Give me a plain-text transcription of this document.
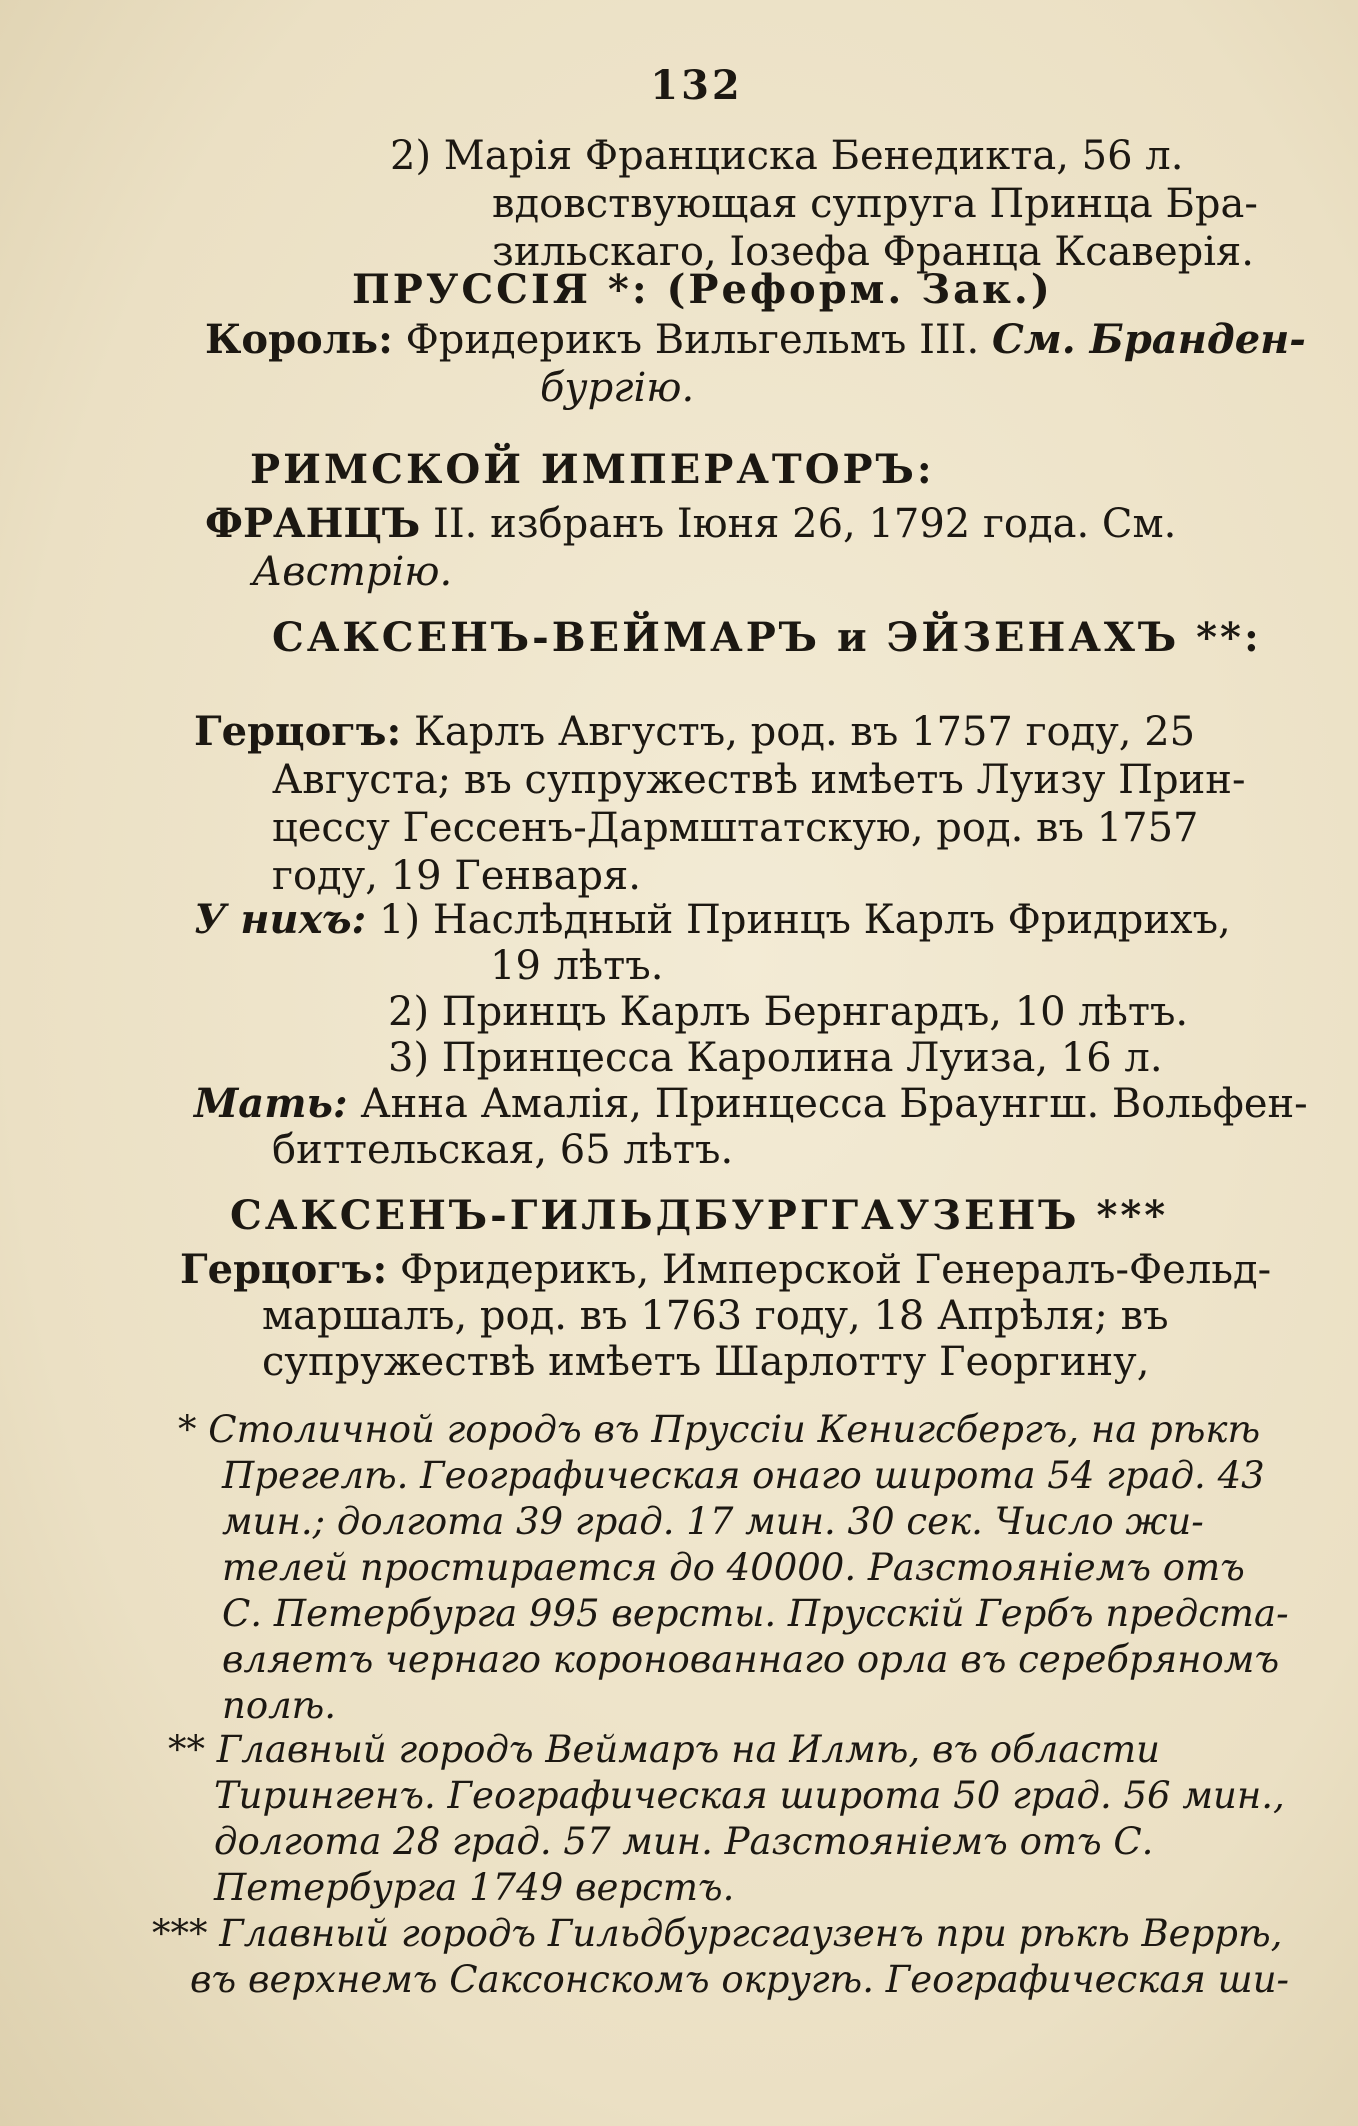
132
2) Марія Франциска Бенедикта, 56 л.
вдовствующая супруга Принца Бра-
зильскаго, Іозефа Франца Ксаверія.
ПРУССІЯ *: (Реформ. Зак.)
Король: Фридерикъ Вильгельмъ III. См. Бранден-
бургію.
РИМСКОЙ ИМПЕРАТОРЪ:
ФРАНЦЪ II. избранъ Іюня 26, 1792 года. См.
Австрію.
САКСЕНЪ-ВЕЙМАРЪ и ЭЙЗЕНАХЪ **:
Герцогъ: Карлъ Августъ, род. въ 1757 году, 25
Августа; въ супружествѣ имѣетъ Луизу Прин-
цессу Гессенъ-Дармштатскую, род. въ 1757
году, 19 Генваря.
У нихъ: 1) Наслѣдный Принцъ Карлъ Фридрихъ,
19 лѣтъ.
2) Принцъ Карлъ Бернгардъ, 10 лѣтъ.
3) Принцесса Каролина Луиза, 16 л.
Мать: Анна Амалія, Принцесса Браунгш. Вольфен-
биттельская, 65 лѣтъ.
САКСЕНЪ-ГИЛЬДБУРГГАУЗЕНЪ ***
Герцогъ: Фридерикъ, Имперской Генералъ-Фельд-
маршалъ, род. въ 1763 году, 18 Апрѣля; въ
супружествѣ имѣетъ Шарлотту Георгину,
* Столичной городъ въ Пруссіи Кенигсбергъ, на рѣкѣ
Прегелѣ. Географическая онаго широта 54 град. 43
мин.; долгота 39 град. 17 мин. 30 сек. Число жи-
телей простирается до 40000. Разстояніемъ отъ
С. Петербурга 995 версты. Прусскій Гербъ предста-
вляетъ чернаго коронованнаго орла въ серебряномъ
полѣ.
** Главный городъ Веймаръ на Илмѣ, въ области
Тирингенъ. Географическая широта 50 град. 56 мин.,
долгота 28 град. 57 мин. Разстояніемъ отъ С.
Петербурга 1749 верстъ.
*** Главный городъ Гильдбургсгаузенъ при рѣкѣ Веррѣ,
въ верхнемъ Саксонскомъ округѣ. Географическая ши-
